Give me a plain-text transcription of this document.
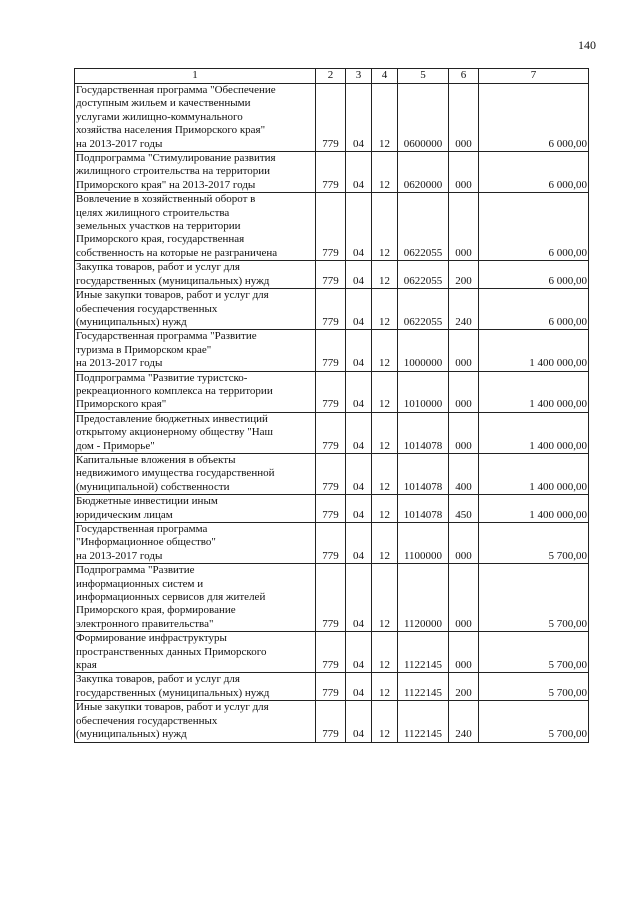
140
1	2	3	4	5	6	7
Государственная программа "Обеспечение
доступным жильем и качественными
услугами жилищно-коммунального
хозяйства населения Приморского края"
на 2013-2017 годы	779	04	12	0600000	000	6 000,00
Подпрограмма "Стимулирование развития
жилищного строительства на территории
Приморского края" на 2013-2017 годы	779	04	12	0620000	000	6 000,00
Вовлечение в хозяйственный оборот в
целях жилищного строительства
земельных участков на территории
Приморского края, государственная
собственность на которые не разграничена	779	04	12	0622055	000	6 000,00
Закупка товаров, работ и услуг для
государственных (муниципальных) нужд	779	04	12	0622055	200	6 000,00
Иные закупки товаров, работ и услуг для
обеспечения государственных
(муниципальных) нужд	779	04	12	0622055	240	6 000,00
Государственная программа "Развитие
туризма в Приморском крае"
на 2013-2017 годы	779	04	12	1000000	000	1 400 000,00
Подпрограмма "Развитие туристско-
рекреационного комплекса на территории
Приморского края"	779	04	12	1010000	000	1 400 000,00
Предоставление бюджетных инвестиций
открытому акционерному обществу "Наш
дом - Приморье"	779	04	12	1014078	000	1 400 000,00
Капитальные вложения в объекты
недвижимого имущества государственной
(муниципальной) собственности	779	04	12	1014078	400	1 400 000,00
Бюджетные инвестиции иным
юридическим лицам	779	04	12	1014078	450	1 400 000,00
Государственная программа
"Информационное общество"
на 2013-2017 годы	779	04	12	1100000	000	5 700,00
Подпрограмма "Развитие
информационных систем и
информационных сервисов для жителей
Приморского края, формирование
электронного правительства"	779	04	12	1120000	000	5 700,00
Формирование инфраструктуры
пространственных данных Приморского
края	779	04	12	1122145	000	5 700,00
Закупка товаров, работ и услуг для
государственных (муниципальных) нужд	779	04	12	1122145	200	5 700,00
Иные закупки товаров, работ и услуг для
обеспечения государственных
(муниципальных) нужд	779	04	12	1122145	240	5 700,00
